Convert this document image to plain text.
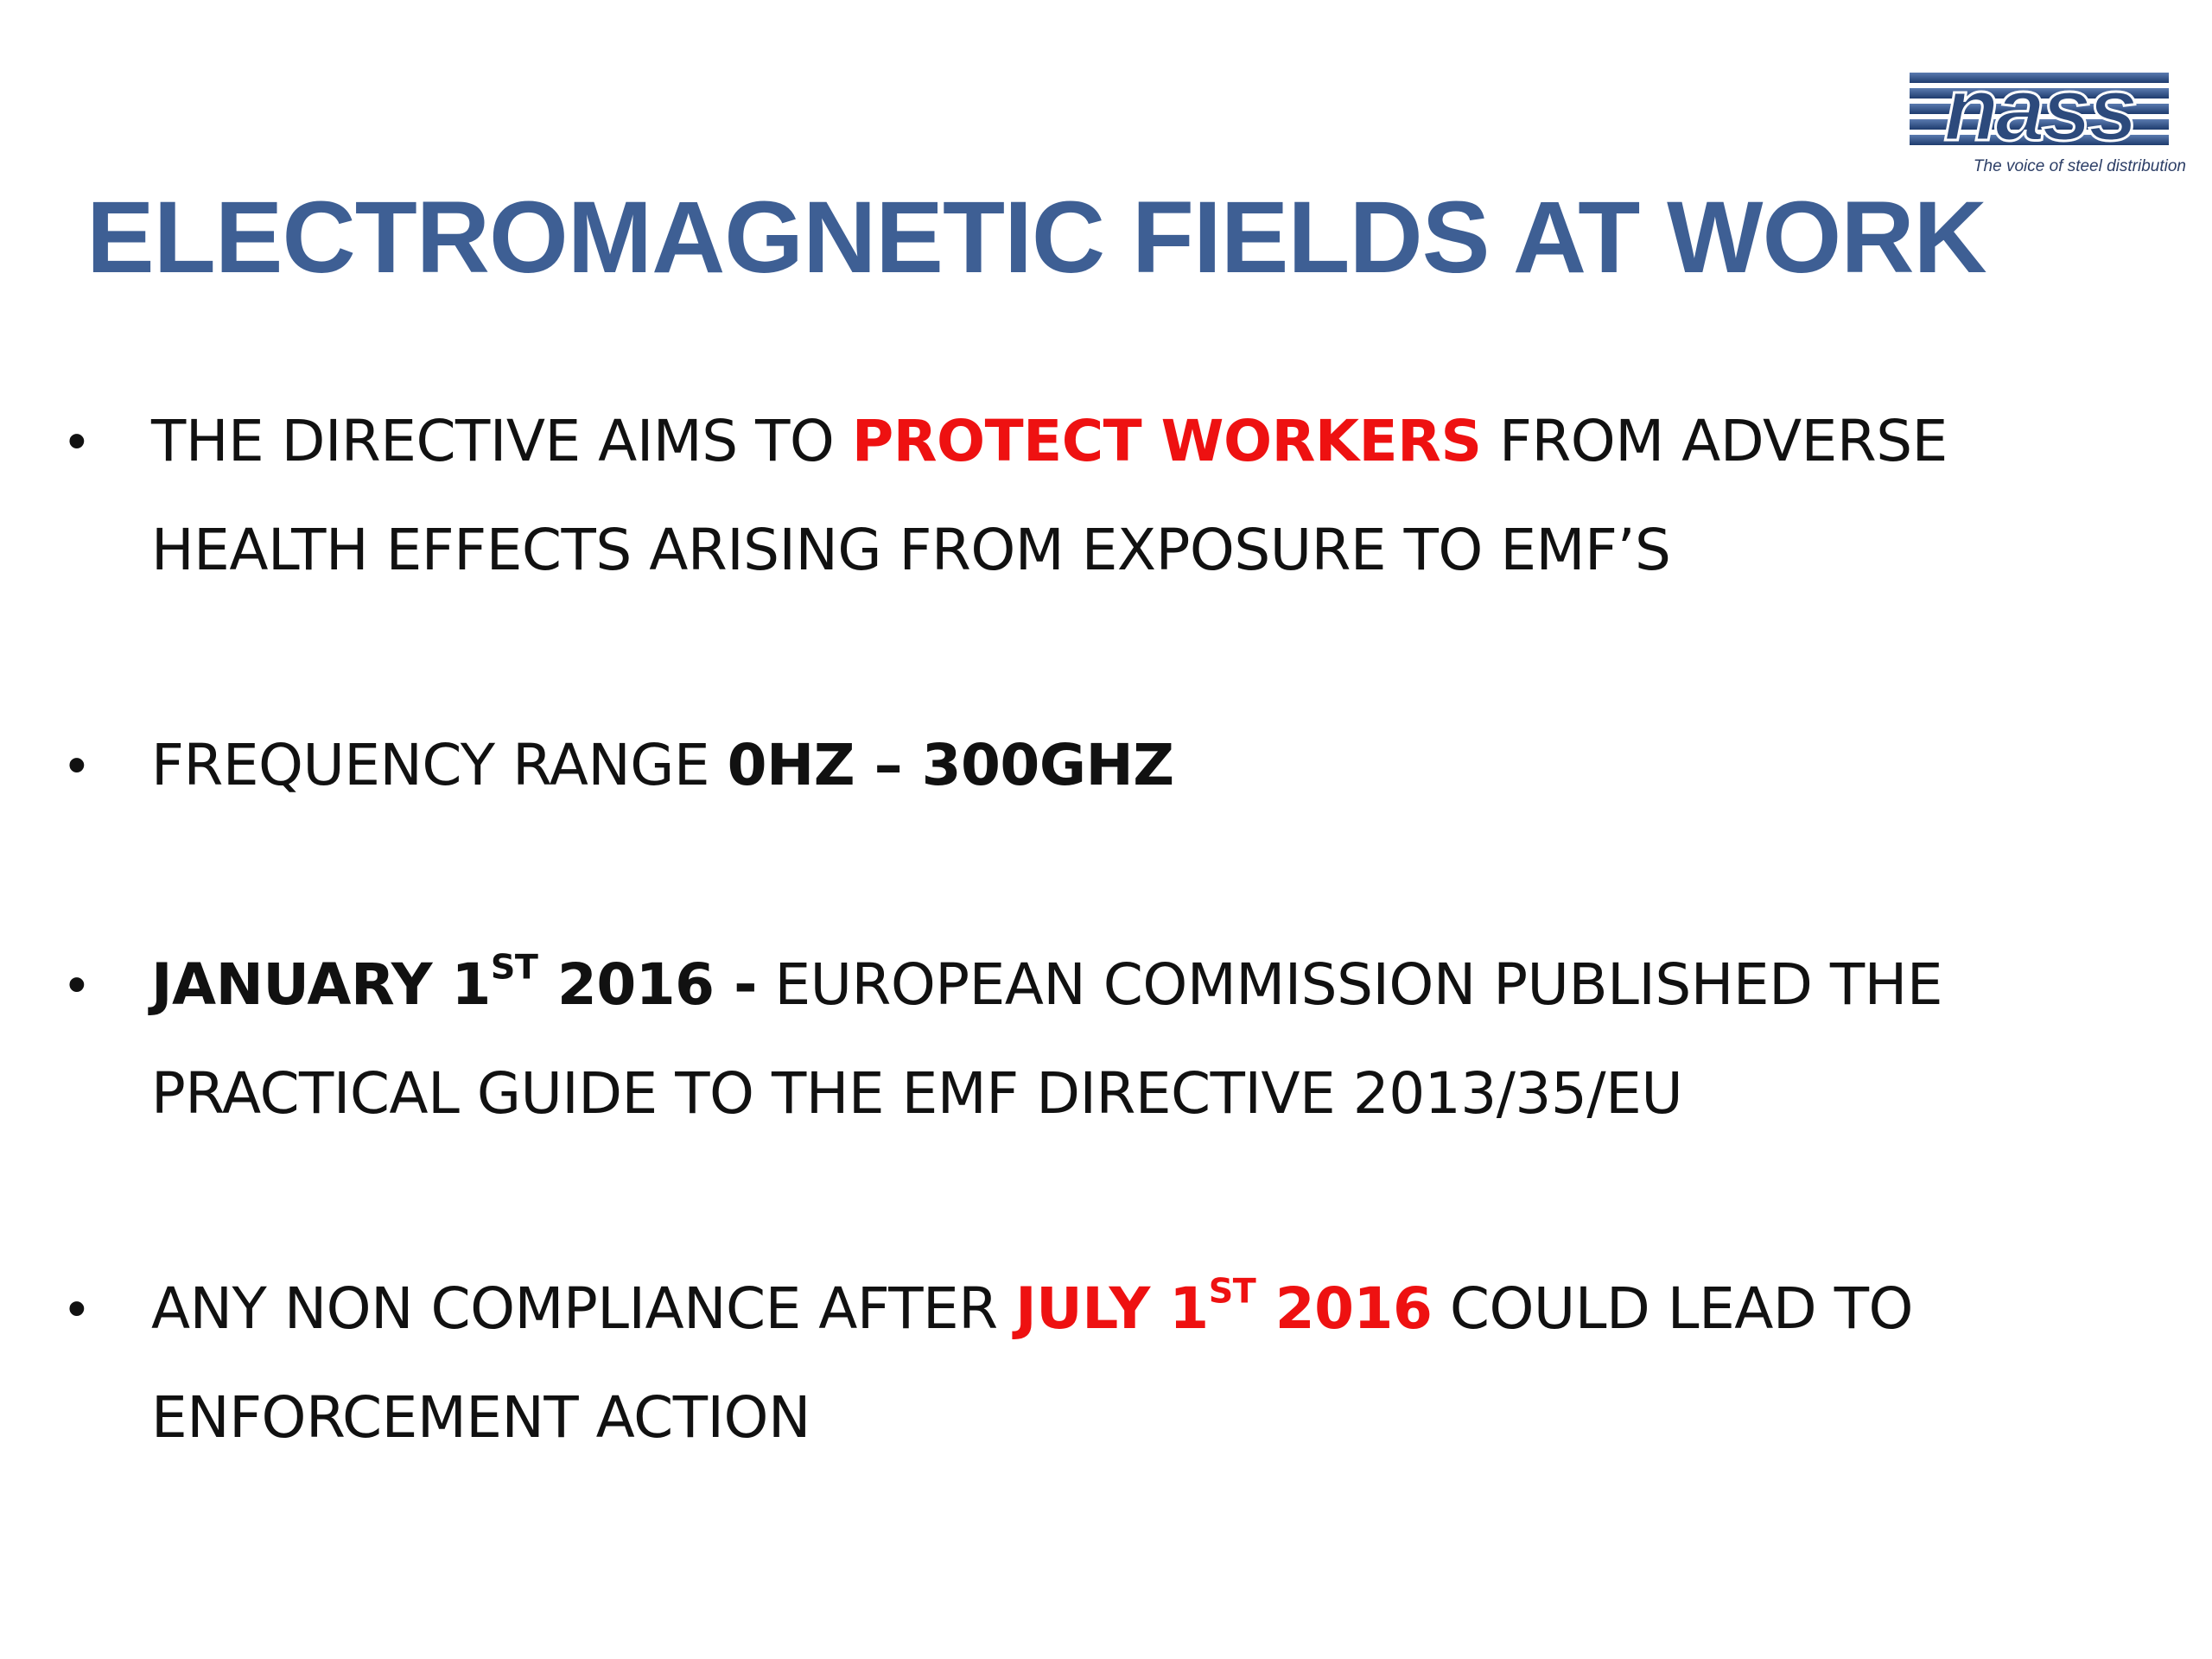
nass
The voice of steel distribution
ELECTROMAGNETIC FIELDS AT WORK
• THE DIRECTIVE AIMS TO PROTECT WORKERS FROM ADVERSE
HEALTH EFFECTS ARISING FROM EXPOSURE TO EMF’S
• FREQUENCY RANGE 0HZ – 300GHZ
• JANUARY 1ST 2016 - EUROPEAN COMMISSION PUBLISHED THE
PRACTICAL GUIDE TO THE EMF DIRECTIVE 2013/35/EU
• ANY NON COMPLIANCE AFTER JULY 1ST 2016 COULD LEAD TO
ENFORCEMENT ACTION
